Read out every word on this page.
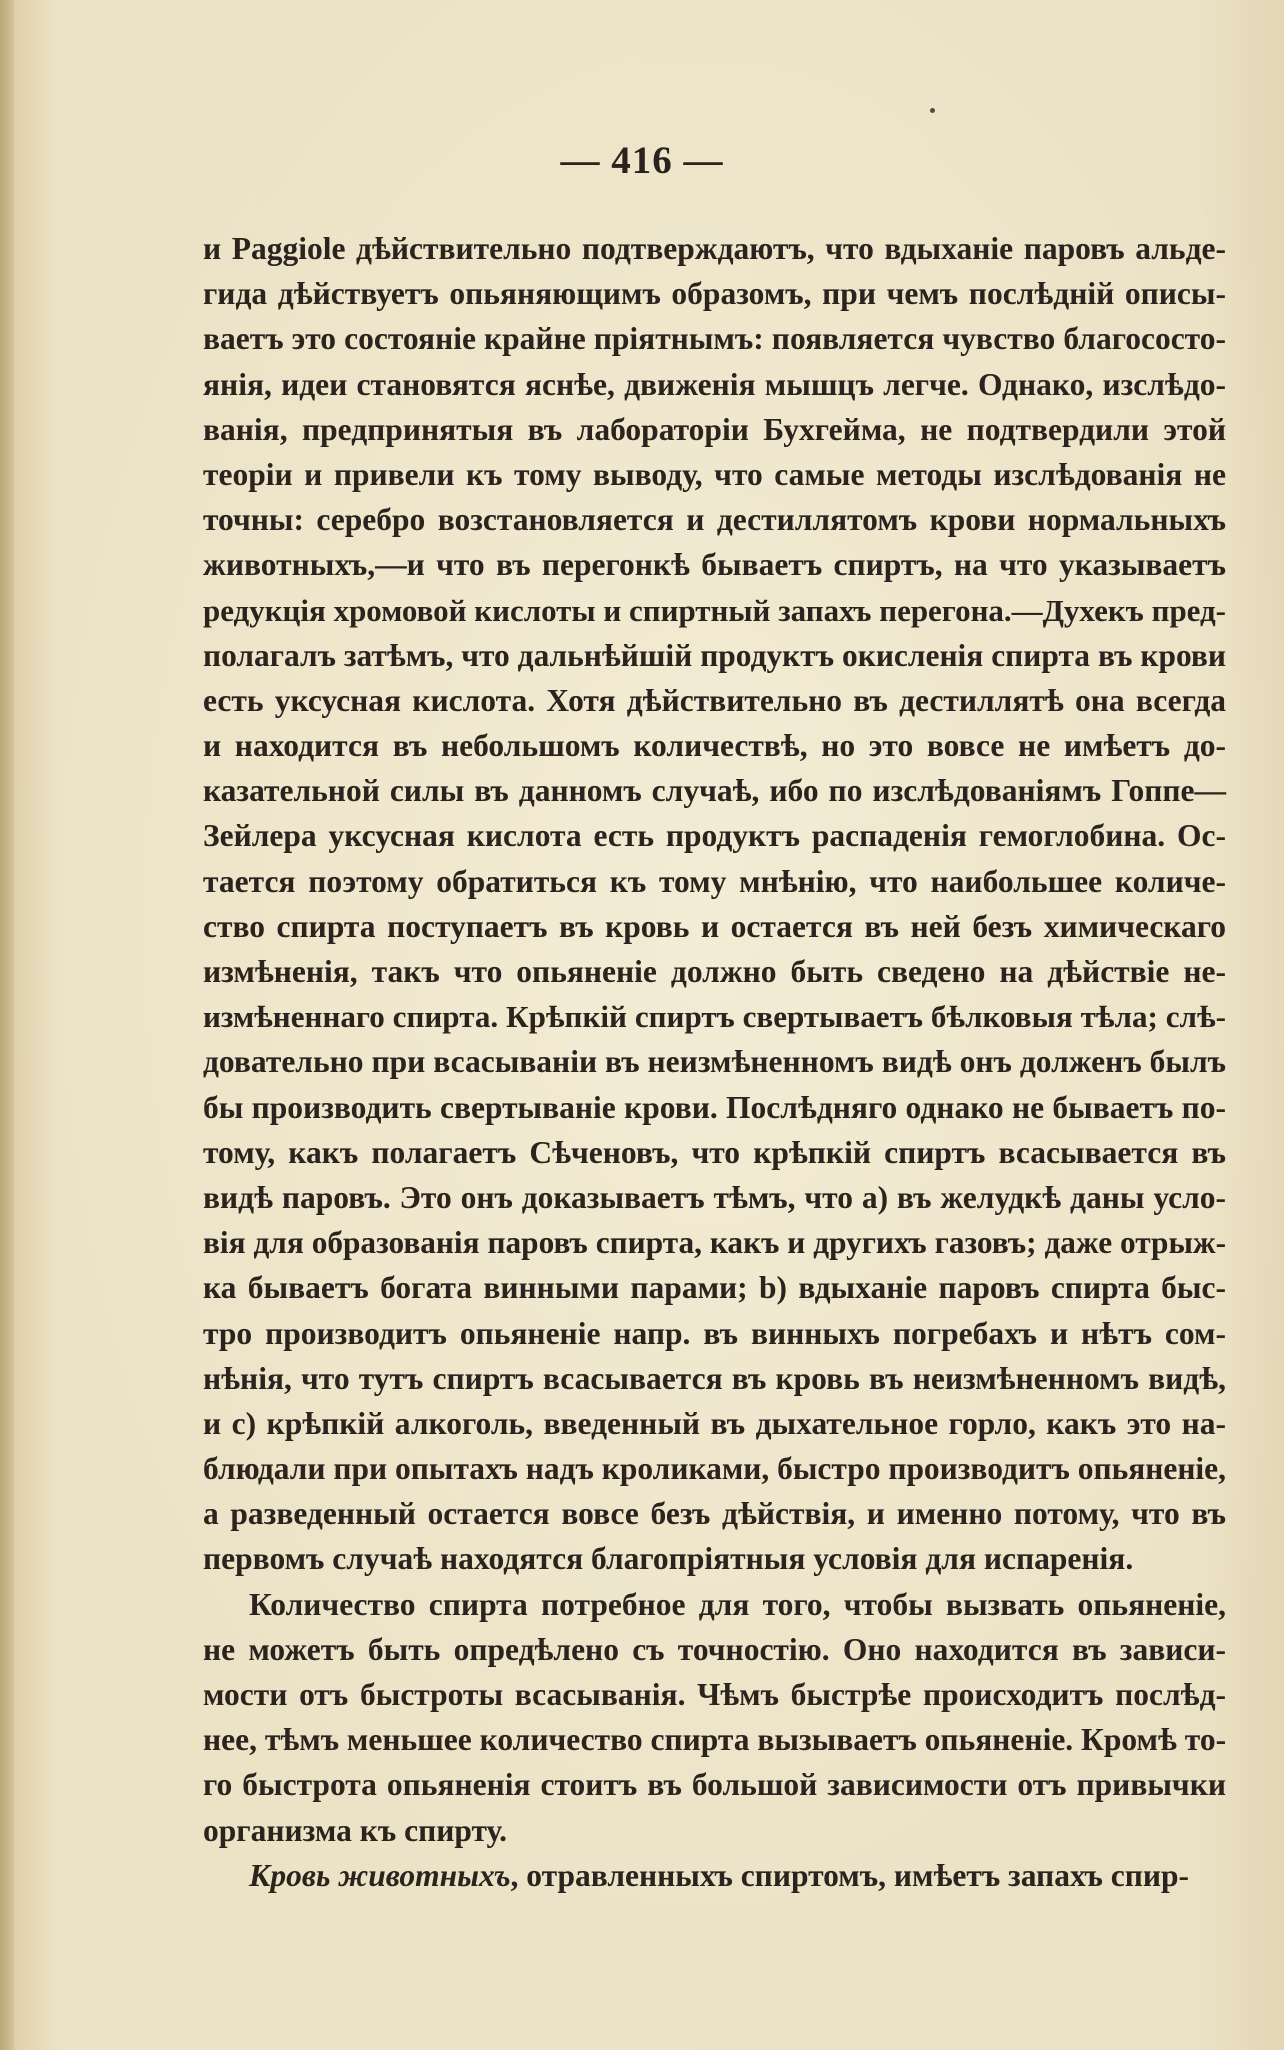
— 416 —
и Paggiole дѣйствительно подтверждаютъ, что вдыханіе паровъ альде-
гида дѣйствуетъ опьяняющимъ образомъ, при чемъ послѣдній описы-
ваетъ это состояніе крайне пріятнымъ: появляется чувство благососто-
янія, идеи становятся яснѣе, движенія мышцъ легче. Однако, изслѣдо-
ванія, предпринятыя въ лабораторіи Бухгейма, не подтвердили этой
теоріи и привели къ тому выводу, что самые методы изслѣдованія не
точны: серебро возстановляется и дестиллятомъ крови нормальныхъ
животныхъ,—и что въ перегонкѣ бываетъ спиртъ, на что указываетъ
редукція хромовой кислоты и спиртный запахъ перегона.—Духекъ пред-
полагалъ затѣмъ, что дальнѣйшій продуктъ окисленія спирта въ крови
есть уксусная кислота. Хотя дѣйствительно въ дестиллятѣ она всегда
и находится въ небольшомъ количествѣ, но это вовсе не имѣетъ до-
казательной силы въ данномъ случаѣ, ибо по изслѣдованіямъ Гоппе—
Зейлера уксусная кислота есть продуктъ распаденія гемоглобина. Ос-
тается поэтому обратиться къ тому мнѣнію, что наибольшее количе-
ство спирта поступаетъ въ кровь и остается въ ней безъ химическаго
измѣненія, такъ что опьяненіе должно быть сведено на дѣйствіе не-
измѣненнаго спирта. Крѣпкій спиртъ свертываетъ бѣлковыя тѣла; слѣ-
довательно при всасываніи въ неизмѣненномъ видѣ онъ долженъ былъ
бы производить свертываніе крови. Послѣдняго однако не бываетъ по-
тому, какъ полагаетъ Сѣченовъ, что крѣпкій спиртъ всасывается въ
видѣ паровъ. Это онъ доказываетъ тѣмъ, что a) въ желудкѣ даны усло-
вія для образованія паровъ спирта, какъ и другихъ газовъ; даже отрыж-
ка бываетъ богата винными парами; b) вдыханіе паровъ спирта быс-
тро производитъ опьяненіе напр. въ винныхъ погребахъ и нѣтъ сом-
нѣнія, что тутъ спиртъ всасывается въ кровь въ неизмѣненномъ видѣ,
и c) крѣпкій алкоголь, введенный въ дыхательное горло, какъ это на-
блюдали при опытахъ надъ кроликами, быстро производитъ опьяненіе,
а разведенный остается вовсе безъ дѣйствія, и именно потому, что въ
первомъ случаѣ находятся благопріятныя условія для испаренія.
Количество спирта потребное для того, чтобы вызвать опьяненіе,
не можетъ быть опредѣлено съ точностію. Оно находится въ зависи-
мости отъ быстроты всасыванія. Чѣмъ быстрѣе происходитъ послѣд-
нее, тѣмъ меньшее количество спирта вызываетъ опьяненіе. Кромѣ то-
го быстрота опьяненія стоитъ въ большой зависимости отъ привычки
организма къ спирту.
Кровь животныхъ, отравленныхъ спиртомъ, имѣетъ запахъ спир-
